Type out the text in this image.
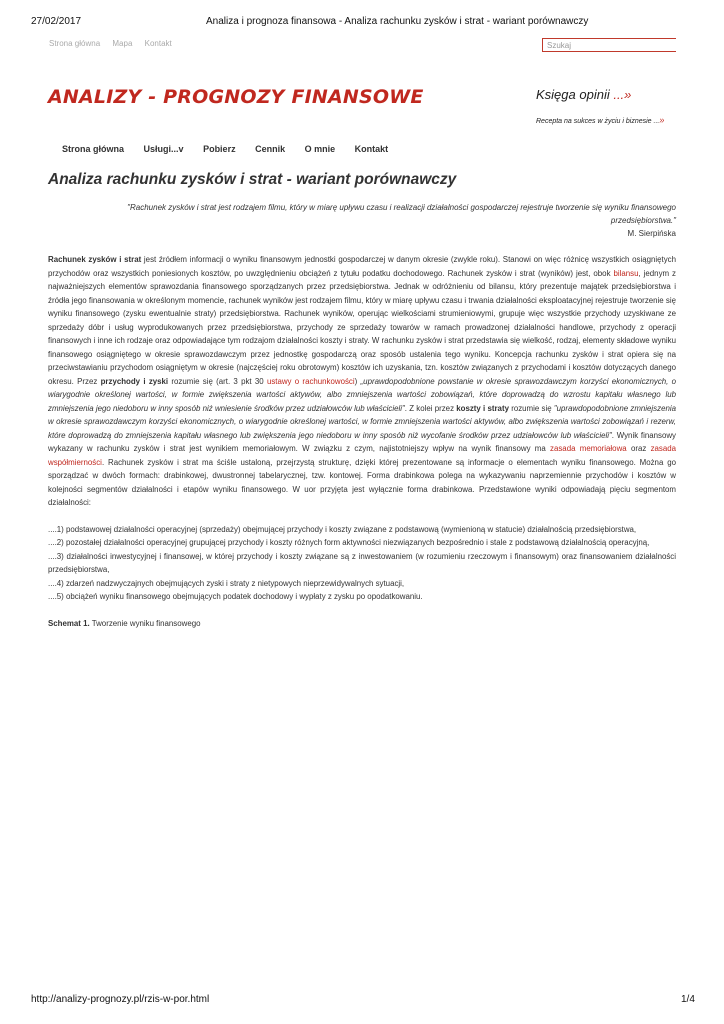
27/02/2017	Analiza i prognoza finansowa - Analiza rachunku zysków i strat - wariant porównawczy
Strona główna Mapa Kontakt	Szukaj
ANALIZY - PROGNOZY FINANSOWE	Księga opinii ...»
Recepta na sukces w życiu i biznesie ...»
Strona główna Usługi...v Pobierz Cennik O mnie Kontakt
Analiza rachunku zysków i strat - wariant porównawczy
"Rachunek zysków i strat jest rodzajem filmu, który w miarę upływu czasu i realizacji działalności gospodarczej rejestruje tworzenie się wyniku finansowego przedsiębiorstwa."
M. Sierpińska

Rachunek zysków i strat jest źródłem informacji o wyniku finansowym jednostki gospodarczej w danym okresie (zwykle roku). Stanowi on więc różnicę wszystkich osiągniętych przychodów oraz wszystkich poniesionych kosztów, po uwzględnieniu obciążeń z tytułu podatku dochodowego. Rachunek zysków i strat (wyników) jest, obok bilansu, jednym z najważniejszych elementów sprawozdania finansowego sporządzanych przez przedsiębiorstwa. Jednak w odróżnieniu od bilansu, który prezentuje majątek przedsiębiorstwa i źródła jego finansowania w określonym momencie, rachunek wyników jest rodzajem filmu, który w miarę upływu czasu i trwania działalności eksploatacyjnej rejestruje tworzenie się wyniku finansowego (zysku ewentualnie straty) przedsiębiorstwa. Rachunek wyników, operując wielkościami strumieniowymi, grupuje więc wszystkie przychody uzyskiwane ze sprzedaży dóbr i usług wyprodukowanych przez przedsiębiorstwa, przychody ze sprzedaży towarów w ramach prowadzonej działalności handlowe, przychody z operacji finansowych i inne ich rodzaje oraz odpowiadające tym rodzajom działalności koszty i straty. W rachunku zysków i strat przedstawia się wielkość, rodzaj, elementy składowe wyniku finansowego osiągniętego w okresie sprawozdawczym przez jednostkę gospodarczą oraz sposób ustalenia tego wyniku. Koncepcja rachunku zysków i strat opiera się na przeciwstawianiu przychodom osiągniętym w okresie (najczęściej roku obrotowym) kosztów ich uzyskania, tzn. kosztów związanych z przychodami i kosztów dotyczących danego okresu. Przez przychody i zyski rozumie się (art. 3 pkt 30 ustawy o rachunkowości) „uprawdopodobnione powstanie w okresie sprawozdawczym korzyści ekonomicznych, o wiarygodnie określonej wartości, w formie zwiększenia wartości aktywów, albo zmniejszenia wartości zobowiązań, które doprowadzą do wzrostu kapitału własnego lub zmniejszenia jego niedoboru w inny sposób niż wniesienie środków przez udziałowców lub właścicieli". Z kolei przez koszty i straty rozumie się "uprawdopodobnione zmniejszenia w okresie sprawozdawczym korzyści ekonomicznych, o wiarygodnie określonej wartości, w formie zmniejszenia wartości aktywów, albo zwiększenia wartości zobowiązań i rezerw, które doprowadzą do zmniejszenia kapitału własnego lub zwiększenia jego niedoboru w inny sposób niż wycofanie środków przez udziałowców lub właścicieli". Wynik finansowy wykazany w rachunku zysków i strat jest wynikiem memoriałowym. W związku z czym, najistotniejszy wpływ na wynik finansowy ma zasada memoriałowa oraz zasada współmierności. Rachunek zysków i strat ma ściśle ustaloną, przejrzystą strukturę, dzięki której prezentowane są informacje o elementach wyniku finansowego. Można go sporządzać w dwóch formach: drabinkowej, dwustronnej tabelarycznej, tzw. kontowej. Forma drabinkowa polega na wykazywaniu naprzemiennie przychodów i kosztów w kolejności segmentów działalności i etapów wyniku finansowego. W uor przyjęta jest wyłącznie forma drabinkowa. Przedstawione wyniki odpowiadają pięciu segmentom działalności:

....1) podstawowej działalności operacyjnej (sprzedaży) obejmującej przychody i koszty związane z podstawową (wymienioną w statucie) działalnością przedsiębiorstwa,

....2) pozostałej działalności operacyjnej grupującej przychody i koszty różnych form aktywności niezwiązanych bezpośrednio i stale z podstawową działalnością operacyjną,

....3) działalności inwestycyjnej i finansowej, w której przychody i koszty związane są z inwestowaniem (w rozumieniu rzeczowym i finansowym) oraz finansowaniem działalności przedsiębiorstwa,

....4) zdarzeń nadzwyczajnych obejmujących zyski i straty z nietypowych nieprzewidywalnych sytuacji,

....5) obciążeń wyniku finansowego obejmujących podatek dochodowy i wypłaty z zysku po opodatkowaniu.

Schemat 1. Tworzenie wyniku finansowego

http://analizy-prognozy.pl/rzis-w-por.html	1/4
